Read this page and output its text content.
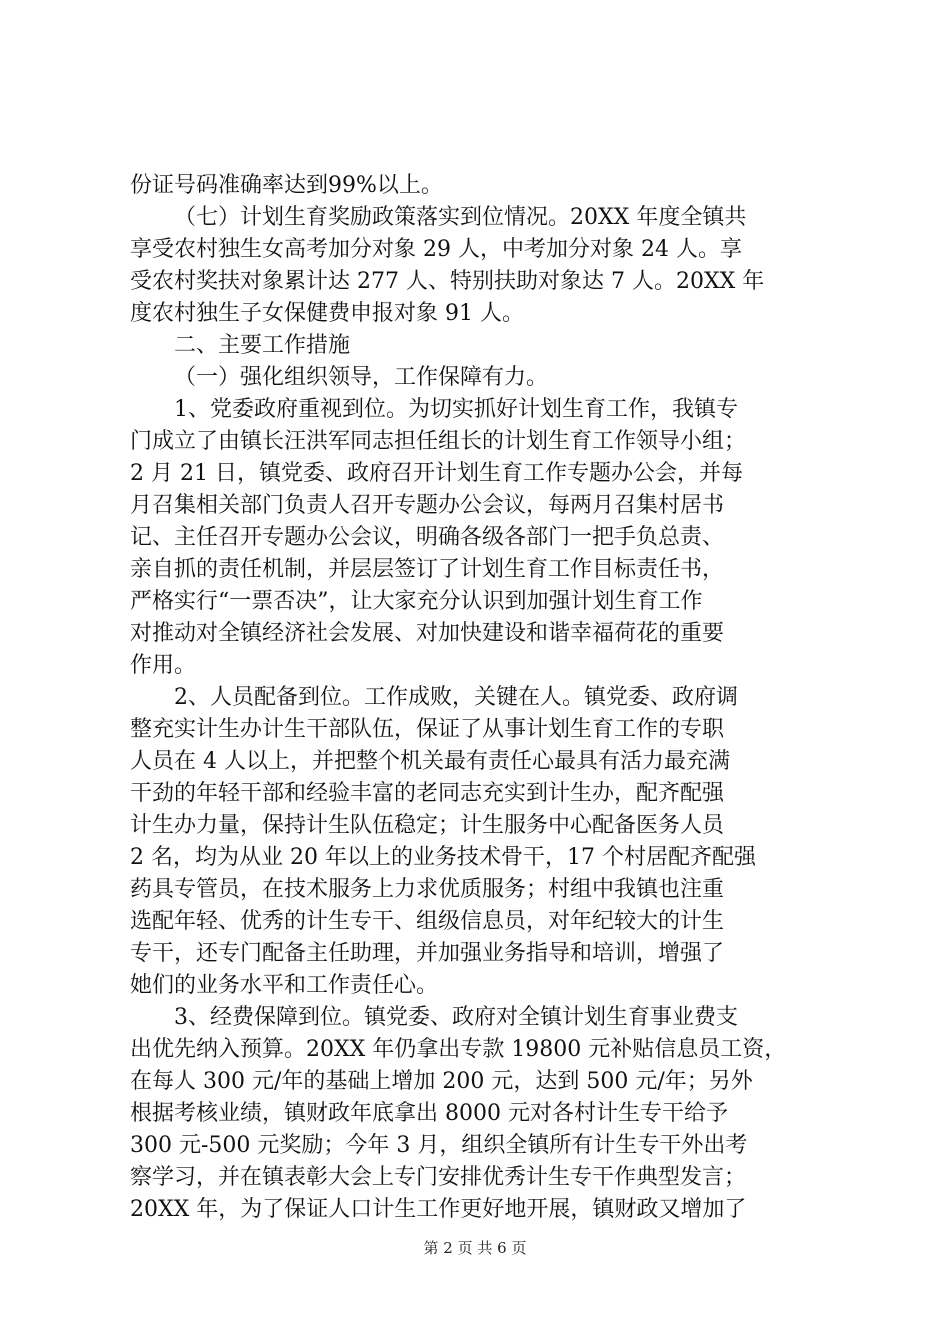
份证号码准确率达到99%以上。
（七）计划生育奖励政策落实到位情况。20XX 年度全镇共
享受农村独生女高考加分对象 29 人，中考加分对象 24 人。享
受农村奖扶对象累计达 277 人、特别扶助对象达 7 人。20XX 年
度农村独生子女保健费申报对象 91 人。
二、主要工作措施
（一）强化组织领导，工作保障有力。
1、党委政府重视到位。为切实抓好计划生育工作，我镇专
门成立了由镇长汪洪军同志担任组长的计划生育工作领导小组；
2 月 21 日，镇党委、政府召开计划生育工作专题办公会，并每
月召集相关部门负责人召开专题办公会议，每两月召集村居书
记、主任召开专题办公会议，明确各级各部门一把手负总责、
亲自抓的责任机制，并层层签订了计划生育工作目标责任书，
严格实行“一票否决”，让大家充分认识到加强计划生育工作
对推动对全镇经济社会发展、对加快建设和谐幸福荷花的重要
作用。
2、人员配备到位。工作成败，关键在人。镇党委、政府调
整充实计生办计生干部队伍，保证了从事计划生育工作的专职
人员在 4 人以上，并把整个机关最有责任心最具有活力最充满
干劲的年轻干部和经验丰富的老同志充实到计生办，配齐配强
计生办力量，保持计生队伍稳定；计生服务中心配备医务人员
2 名，均为从业 20 年以上的业务技术骨干，17 个村居配齐配强
药具专管员，在技术服务上力求优质服务；村组中我镇也注重
选配年轻、优秀的计生专干、组级信息员，对年纪较大的计生
专干，还专门配备主任助理，并加强业务指导和培训，增强了
她们的业务水平和工作责任心。
3、经费保障到位。镇党委、政府对全镇计划生育事业费支
出优先纳入预算。20XX 年仍拿出专款 19800 元补贴信息员工资，
在每人 300 元/年的基础上增加 200 元，达到 500 元/年；另外
根据考核业绩，镇财政年底拿出 8000 元对各村计生专干给予
300 元-500 元奖励；今年 3 月，组织全镇所有计生专干外出考
察学习，并在镇表彰大会上专门安排优秀计生专干作典型发言；
20XX 年，为了保证人口计生工作更好地开展，镇财政又增加了
第 2 页 共 6 页
